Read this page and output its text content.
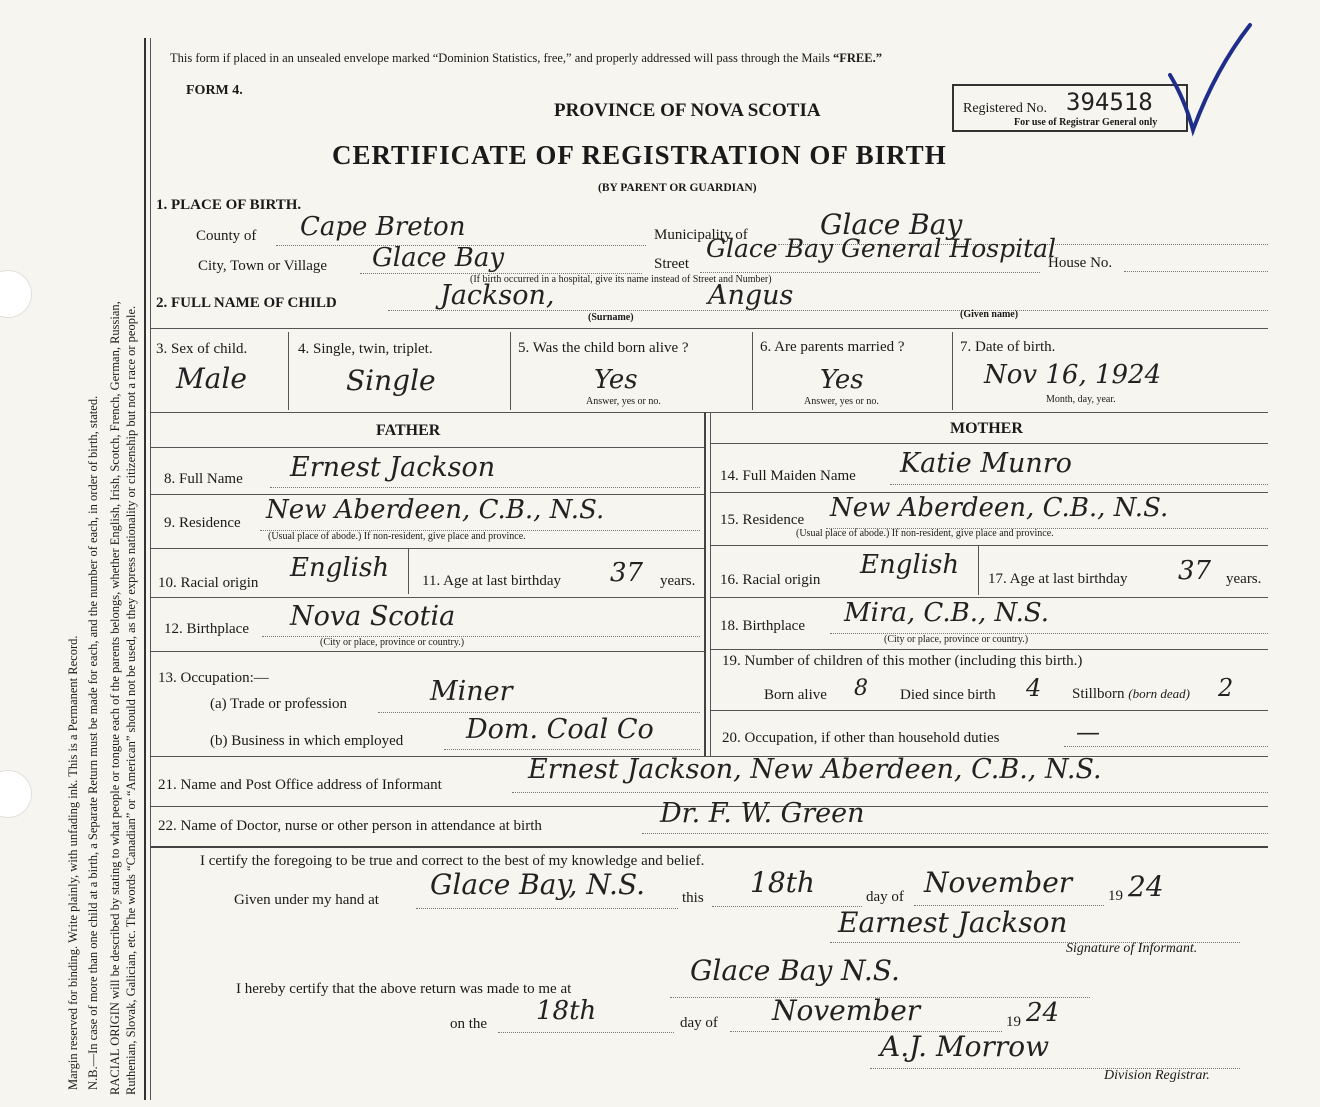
Margin reserved for binding. Write plainly, with unfading ink. This is a Permanent Record. N.B.—In case of more than one child at a birth, a Separate Return must be made for each, and the number of each, in order of birth, stated. RACIAL ORIGIN will be described by stating to what people or tongue each of the parents belongs, whether English, Irish, Scotch, French, German, Russian, Ruthenian, Slovak, Galician, etc. The words “Canadian” or “American” should not be used, as they express nationality or citizenship but not a race or people.
This form if placed in an unsealed envelope marked “Dominion Statistics, free,” and properly addressed will pass through the Mails “FREE.”
FORM 4.
PROVINCE OF NOVA SCOTIA
CERTIFICATE OF REGISTRATION OF BIRTH
(BY PARENT OR GUARDIAN)
Registered No. 394518
For use of Registrar General only
1. PLACE OF BIRTH.
County of Cape Breton	Municipality of	Glace Bay
City, Town or Village Glace Bay	Street
Glace Bay General Hospital
House No.
(If birth occurred in a hospital, give its name instead of Street and Number)
2. FULL NAME OF CHILD	Jackson,	Angus
(Surname)	(Given name)
3. Sex of child.
Male
4. Single, twin, triplet.
Single
5. Was the child born alive ?
Yes
Answer, yes or no.
6. Are parents married ?
Yes
Answer, yes or no.
7. Date of birth.
Nov 16, 1924
Month, day, year.
FATHER
8. Full Name Ernest Jackson
9. Residence New Aberdeen, C.B., N.S.
(Usual place of abode.) If non-resident, give place and province.
10. Racial origin English 11. Age at last birthday 37 years.
12. Birthplace Nova Scotia
(City or place, province or country.)
13. Occupation:—
(a) Trade or profession	Miner
(b) Business in which employed Dom. Coal Co
MOTHER
14. Full Maiden Name Katie Munro
15. Residence New Aberdeen, C.B., N.S.
(Usual place of abode.) If non-resident, give place and province.
16. Racial origin English 17. Age at last birthday 37 years.
18. Birthplace Mira, C.B., N.S.
(City or place, province or country.)
19. Number of children of this mother (including this birth.)
Born alive 8 Died since birth 4 Stillborn (born dead) 2
20. Occupation, if other than household duties	—
21. Name and Post Office address of Informant	Ernest Jackson, New Aberdeen, C.B., N.S.
22. Name of Doctor, nurse or other person in attendance at birth	Dr. F. W. Green
I certify the foregoing to be true and correct to the best of my knowledge and belief.
Given under my hand at Glace Bay, N.S. this 18th	day of November 19 24
Earnest Jackson
Signature of Informant.
I hereby certify that the above return was made to me at
Glace Bay N.S.
on the 18th	day of November	19 24
A.J. Morrow
Division Registrar.
